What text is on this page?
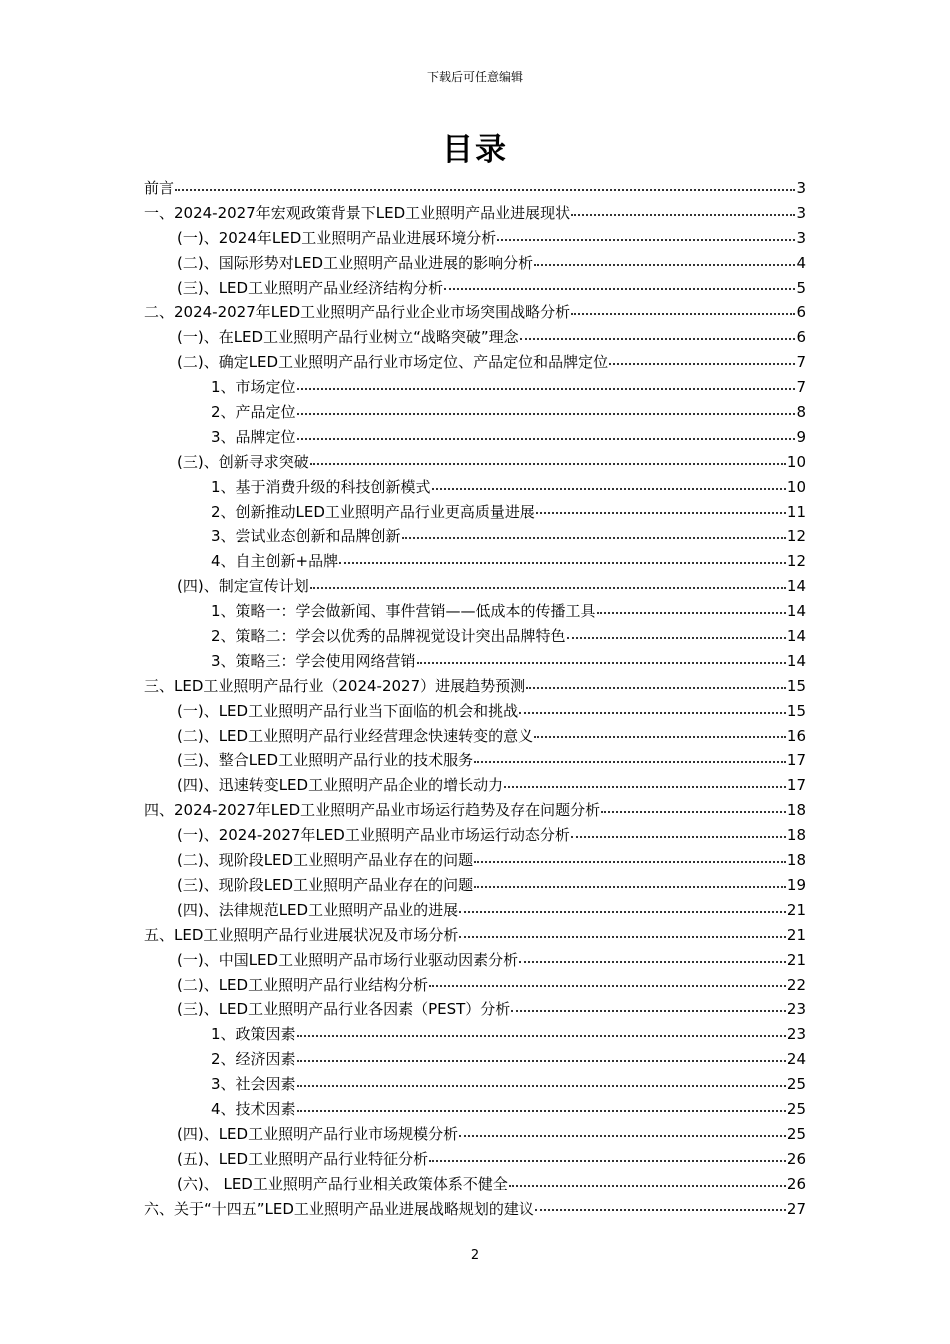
下载后可任意编辑
目录
前言	3
一、2024-2027年宏观政策背景下LED工业照明产品业进展现状	3
(一)、2024年LED工业照明产品业进展环境分析	3
(二)、国际形势对LED工业照明产品业进展的影响分析	4
(三)、LED工业照明产品业经济结构分析	5
二、2024-2027年LED工业照明产品行业企业市场突围战略分析	6
(一)、在LED工业照明产品行业树立“战略突破”理念	6
(二)、确定LED工业照明产品行业市场定位、产品定位和品牌定位	7
1、市场定位	7
2、产品定位	8
3、品牌定位	9
(三)、创新寻求突破	10
1、基于消费升级的科技创新模式	10
2、创新推动LED工业照明产品行业更高质量进展	11
3、尝试业态创新和品牌创新	12
4、自主创新+品牌	12
(四)、制定宣传计划	14
1、策略一：学会做新闻、事件营销——低成本的传播工具	14
2、策略二：学会以优秀的品牌视觉设计突出品牌特色	14
3、策略三：学会使用网络营销	14
三、LED工业照明产品行业（2024-2027）进展趋势预测	15
(一)、LED工业照明产品行业当下面临的机会和挑战	15
(二)、LED工业照明产品行业经营理念快速转变的意义	16
(三)、整合LED工业照明产品行业的技术服务	17
(四)、迅速转变LED工业照明产品企业的增长动力	17
四、2024-2027年LED工业照明产品业市场运行趋势及存在问题分析	18
(一)、2024-2027年LED工业照明产品业市场运行动态分析	18
(二)、现阶段LED工业照明产品业存在的问题	18
(三)、现阶段LED工业照明产品业存在的问题	19
(四)、法律规范LED工业照明产品业的进展	21
五、LED工业照明产品行业进展状况及市场分析	21
(一)、中国LED工业照明产品市场行业驱动因素分析	21
(二)、LED工业照明产品行业结构分析	22
(三)、LED工业照明产品行业各因素（PEST）分析	23
1、政策因素	23
2、经济因素	24
3、社会因素	25
4、技术因素	25
(四)、LED工业照明产品行业市场规模分析	25
(五)、LED工业照明产品行业特征分析	26
(六)、 LED工业照明产品行业相关政策体系不健全	26
六、关于“十四五”LED工业照明产品业进展战略规划的建议	27
2
